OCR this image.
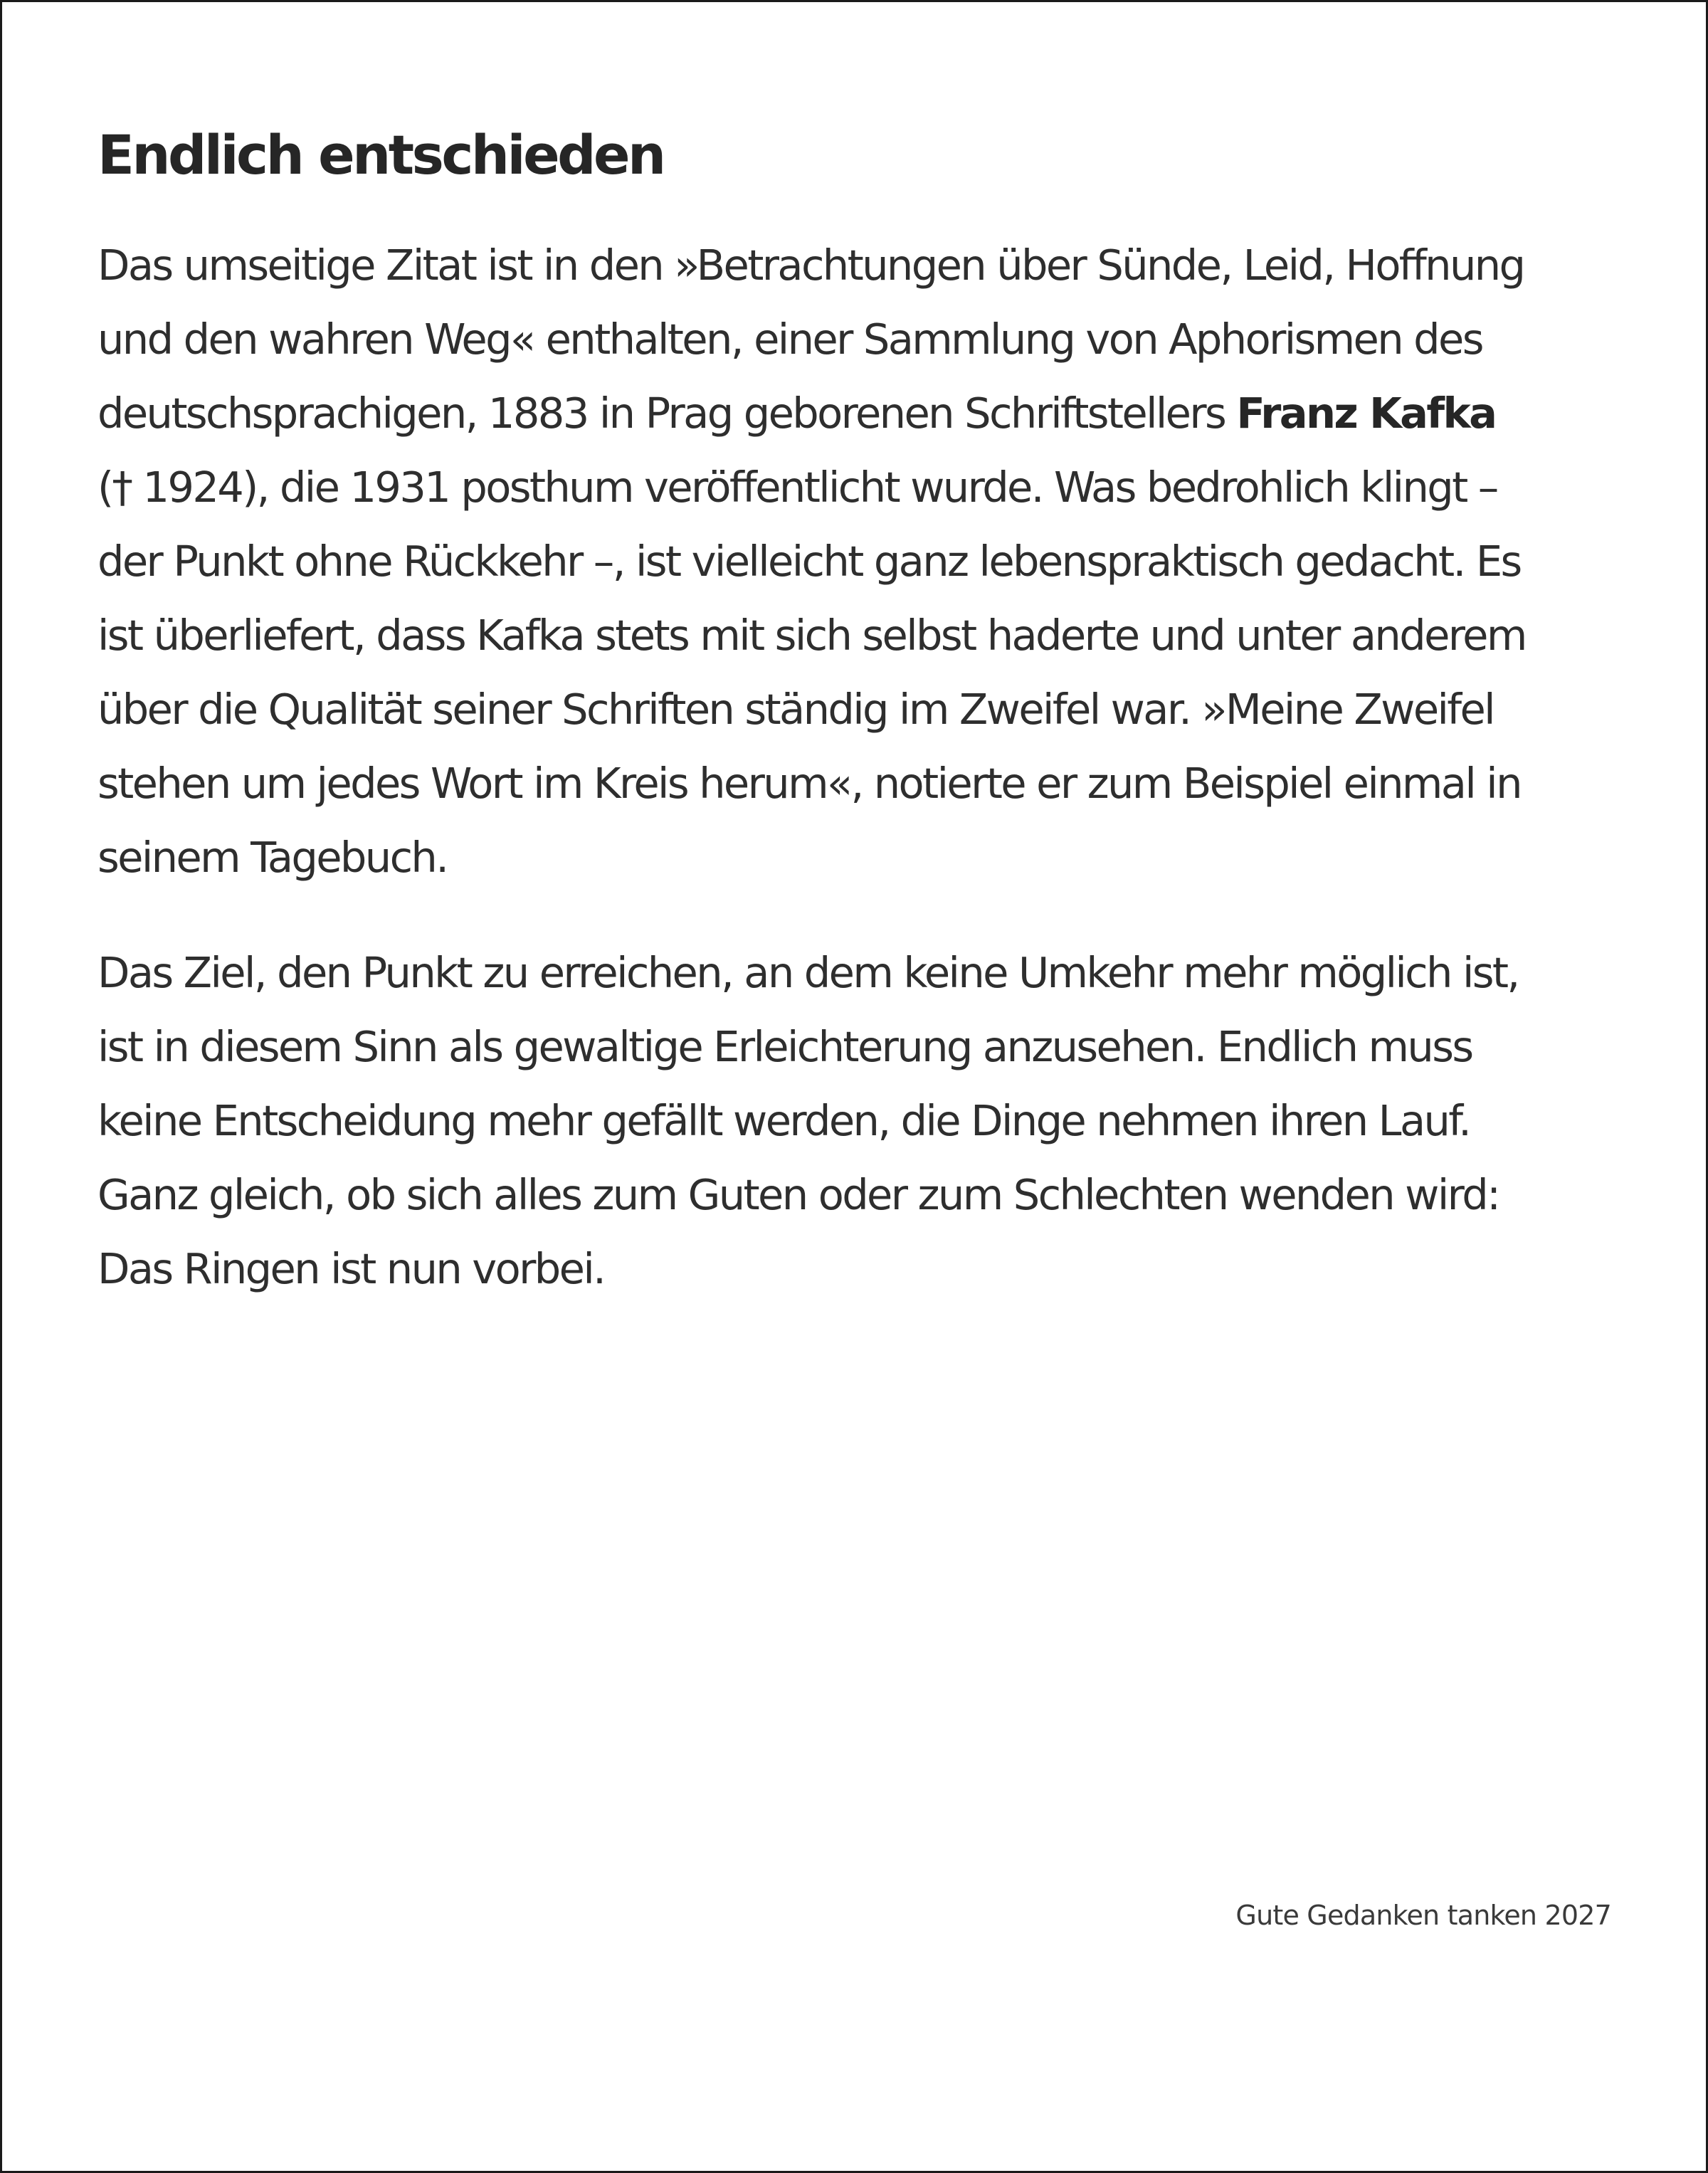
Endlich entschieden
Das umseitige Zitat ist in den »Betrachtungen über Sünde, Leid, Hoffnung
und den wahren Weg« enthalten, einer Sammlung von Aphorismen des
deutschsprachigen, 1883 in Prag geborenen Schriftstellers Franz Kafka
(† 1924), die 1931 posthum veröffentlicht wurde. Was bedrohlich klingt –
der Punkt ohne Rückkehr –, ist vielleicht ganz lebenspraktisch gedacht. Es
ist überliefert, dass Kafka stets mit sich selbst haderte und unter anderem
über die Qualität seiner Schriften ständig im Zweifel war. »Meine Zweifel
stehen um jedes Wort im Kreis herum«, notierte er zum Beispiel einmal in
seinem Tagebuch.
Das Ziel, den Punkt zu erreichen, an dem keine Umkehr mehr möglich ist,
ist in diesem Sinn als gewaltige Erleichterung anzusehen. Endlich muss
keine Entscheidung mehr gefällt werden, die Dinge nehmen ihren Lauf.
Ganz gleich, ob sich alles zum Guten oder zum Schlechten wenden wird:
Das Ringen ist nun vorbei.
Gute Gedanken tanken 2027
